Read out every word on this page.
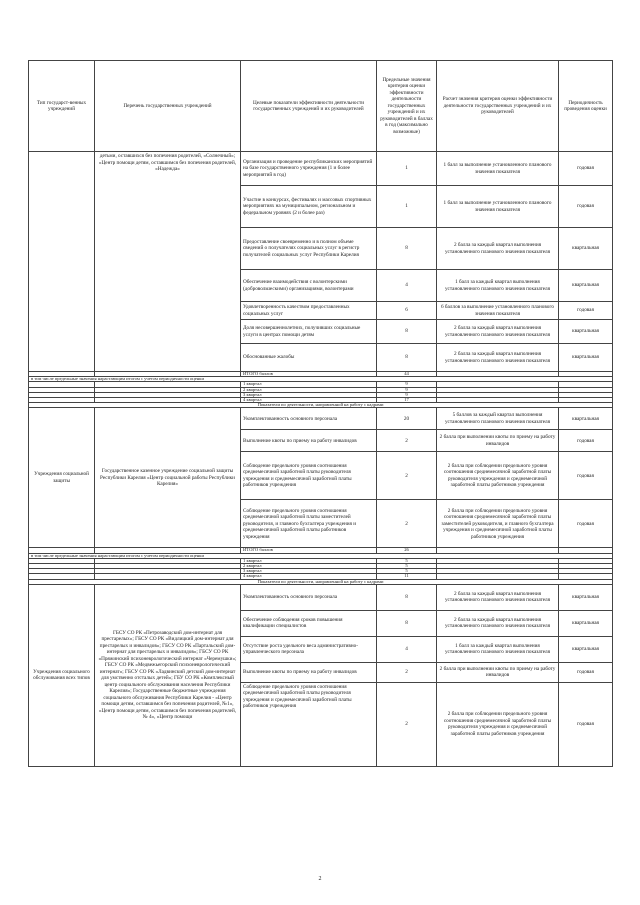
Тип государст-венных учреждений	Перечень государственных учреждений	Целевые показатели эффективности деятельности государственных учреждений и их руководителей	Предельные значения критерия оценки эффективности деятельности государственных учреждений и их руководителей в баллах в год (максимально возможные)	Расчет значения критерия оценки эффективности деятельности государственных учреждений и их руководителей	Периодичность проведения оценки
	детьми, оставшихся без попечения родителей, «Солнечный»; «Центр помощи детям, оставшимся без попечения родителей, «Надежда»	Организация и проведение республиканских мероприятий на базе государственного учреждения (1 и более мероприятий в год)	1	1 балл за выполнение установленного планового значения показателя	годовая
		Участие в конкурсах, фестивалях и массовых спортивных мероприятиях на муниципальном, региональном и федеральном уровнях (2 и более раз)	1	1 балл за выполнение установленного планового значения показателя	годовая
		Предоставление своевременно и в полном объеме сведений о получателях социальных услуг в регистр получателей социальных услуг Республики Карелия	8	2 балла за каждый квартал выполнения установленного планового значения показателя	квартальная
		Обеспечение взаимодействия с волонтерскими (добровольческими) организациями, волонтерами	4	1 балл за каждый квартал выполнения установленного планового значения показателя	квартальная
		Удовлетворенность качеством предоставленных социальных услуг	6	6 баллов за выполнение установленного планового значения показателя	годовая
		Доля несовершеннолетних, получивших социальные услуги в центрах помощи детям	8	2 балла за каждый квартал выполнения установленного планового значения показателя	квартальная
		Обоснованные жалобы	8	2 балла за каждый квартал выполнения установленного планового значения показателя	квартальная
		ИТОГО баллов	44		
в том числе предельные значения нарастающим итогом с учетом периодичности оценки					
		1 квартал	9		
		2 квартал	9		
		3 квартал	9		
		4 квартал	17		
Показатели по деятельности, направленной на работу с кадрами					
Учреждения социальной защиты	Государственное казенное учреждение социальной защиты Республики Карелия «Центр социальной работы Республики Карелия»	Укомплектованность основного персонала	20	5 баллов за каждый квартал выполнения установленного планового значения показателя	квартальная
		Выполнение квоты по приему на работу инвалидов	2	2 балла при выполнении квоты по приему на работу инвалидов	годовая
		Соблюдение предельного уровня соотношения среднемесячной заработной платы руководителя учреждения и среднемесячной заработной платы работников учреждения	2	2 балла при соблюдении предельного уровня соотношения среднемесячной заработной платы руководителя учреждения и среднемесячной заработной платы работников учреждения	годовая
		Соблюдение предельного уровня соотношения среднемесячной заработной платы заместителей руководителя, и главного бухгалтера учреждения и среднемесячной заработной платы работников учреждения	2	2 балла при соблюдении предельного уровня соотношения среднемесячной заработной платы заместителей руководителя, и главного бухгалтера учреждения и среднемесячной заработной платы работников учреждения	годовая
		ИТОГО баллов	26		
в том числе предельные значения нарастающим итогом с учетом периодичности оценки					
		1 квартал	5		
		2 квартал	5		
		3 квартал	5		
		4 квартал	11		
Показатели по деятельности, направленной на работу с кадрами					
Учреждения социального обслуживания всех типов	ГБСУ СО РК «Петрозаводский дом-интернат для престарелых»; ГБСУ СО РК «Видлицкий дом-интернат для престарелых и инвалидов»; ГБСУ СО РК «Партальский дом-интернат для престарелых и инвалидов»; ГБСУ СО РК «Пряжинский психоневрологический интернат «Черемушки»; ГБСУ СО РК «Медвежьегорский психоневрологический интернат»; ГБСУ СО РК «Ладвинский детский дом-интернат для умственно отсталых детей»; ГБУ СО РК «Комплексный центр социального обслуживания населения Республики Карелия»; Государственные бюджетные учреждения социального обслуживания Республики Карелия - «Центр помощи детям, оставшимся без попечения родителей, №1», «Центр помощи детям, оставшимся без попечения родителей, № 4», «Центр помощи	Укомплектованность основного персонала	8	2 балла за каждый квартал выполнения установленного планового значения показателя	квартальная
		Обеспечение соблюдения сроков повышения квалификации специалистов	8	2 балла за каждый квартал выполнения установленного планового значения показателя	квартальная
		Отсутствие роста удельного веса административно-управленческого персонала	4	1 балл за каждый квартал выполнения установленного планового значения показателя	квартальная
		Выполнение квоты по приему на работу инвалидов	2	2 балла при выполнении квоты по приему на работу инвалидов	годовая
		Соблюдение предельного уровня соотношения среднемесячной заработной платы руководителя учреждения и среднемесячной заработной платы работников учреждения	2	2 балла при соблюдении предельного уровня соотношения среднемесячной заработной платы руководителя учреждения и среднемесячной заработной платы работников учреждения	годовая
2
